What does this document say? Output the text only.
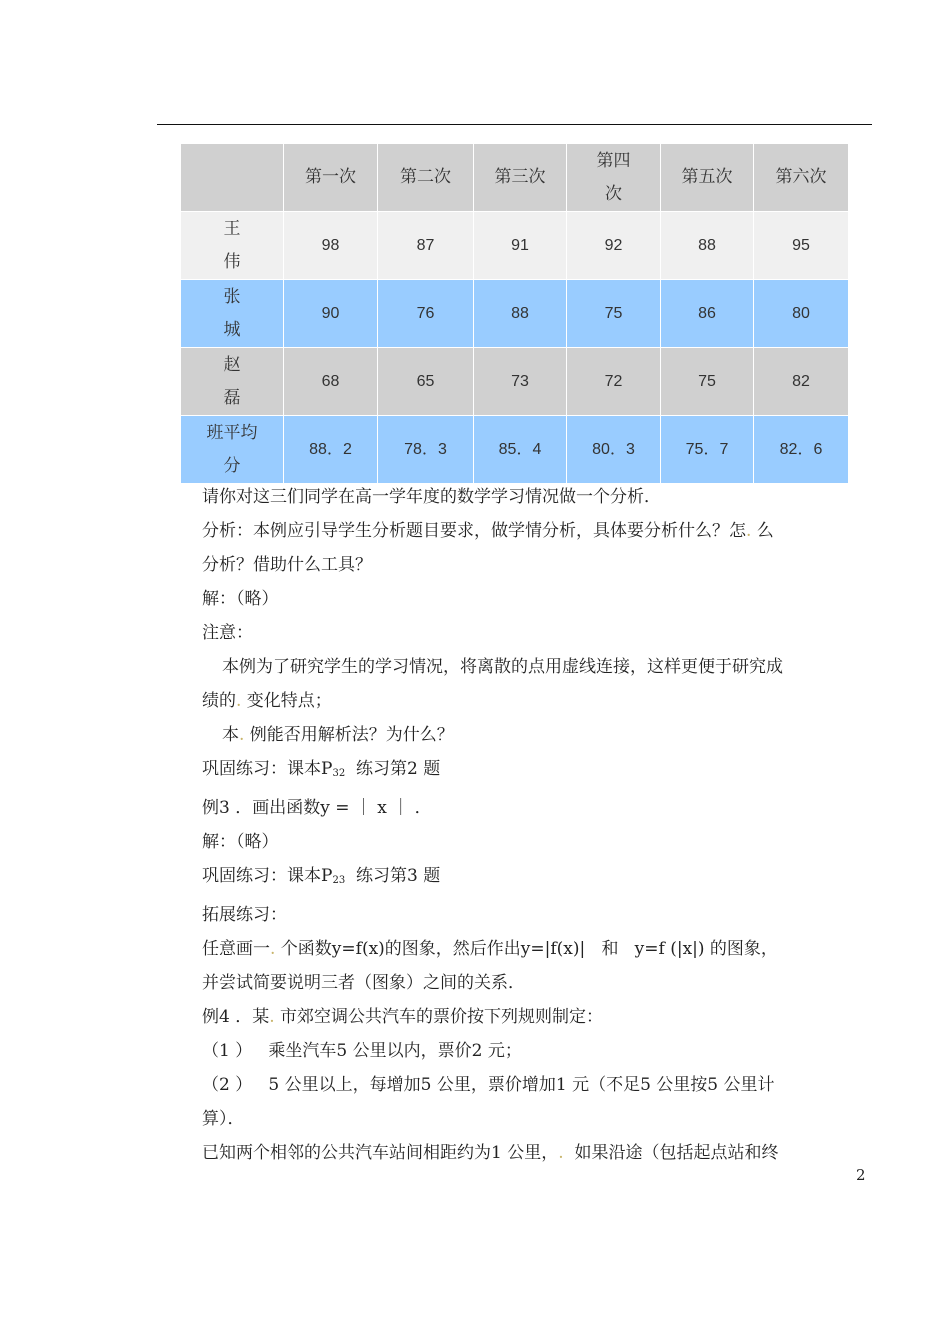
	第一次	第二次	第三次	第四次	第五次	第六次

王伟	98	87	91	92	88	95

张城	90	76	88	75	86	80

赵磊	68	65	73	72	75	82

班平均分	88．2	78．3	85．4	80．3	75．7	82．6

请你对这三们同学在高一学年度的数学学习情况做一个分析．

分析：本例应引导学生分析题目要求，做学情分析，具体要分析什么？怎. 么

分析？借助什么工具？

解：（略）

注意：

本例为了研究学生的学习情况，将离散的点用虚线连接，这样更便于研究成

绩的. 变化特点；

本. 例能否用解析法？为什么？

巩固练习：课本$P_{32}$  练习第2 题

例3 ．画出函数y = ｜ x ｜ ．

解：（略）

巩固练习：课本$P_{23}$  练习第3 题

拓展练习：

任意画一. 个函数y=f(x)的图象，然后作出y=|f(x)|   和   y=f (|x|) 的图象，

并尝试简要说明三者（图象）之间的关系．

例4 ．某. 市郊空调公共汽车的票价按下列规则制定：

（1 ）   乘坐汽车5 公里以内，票价2 元；

（2 ）   5 公里以上，每增加5 公里，票价增加1 元（不足5 公里按5 公里计

算）．

已知两个相邻的公共汽车站间相距约为1 公里，.  如果沿途（包括起点站和终

2
